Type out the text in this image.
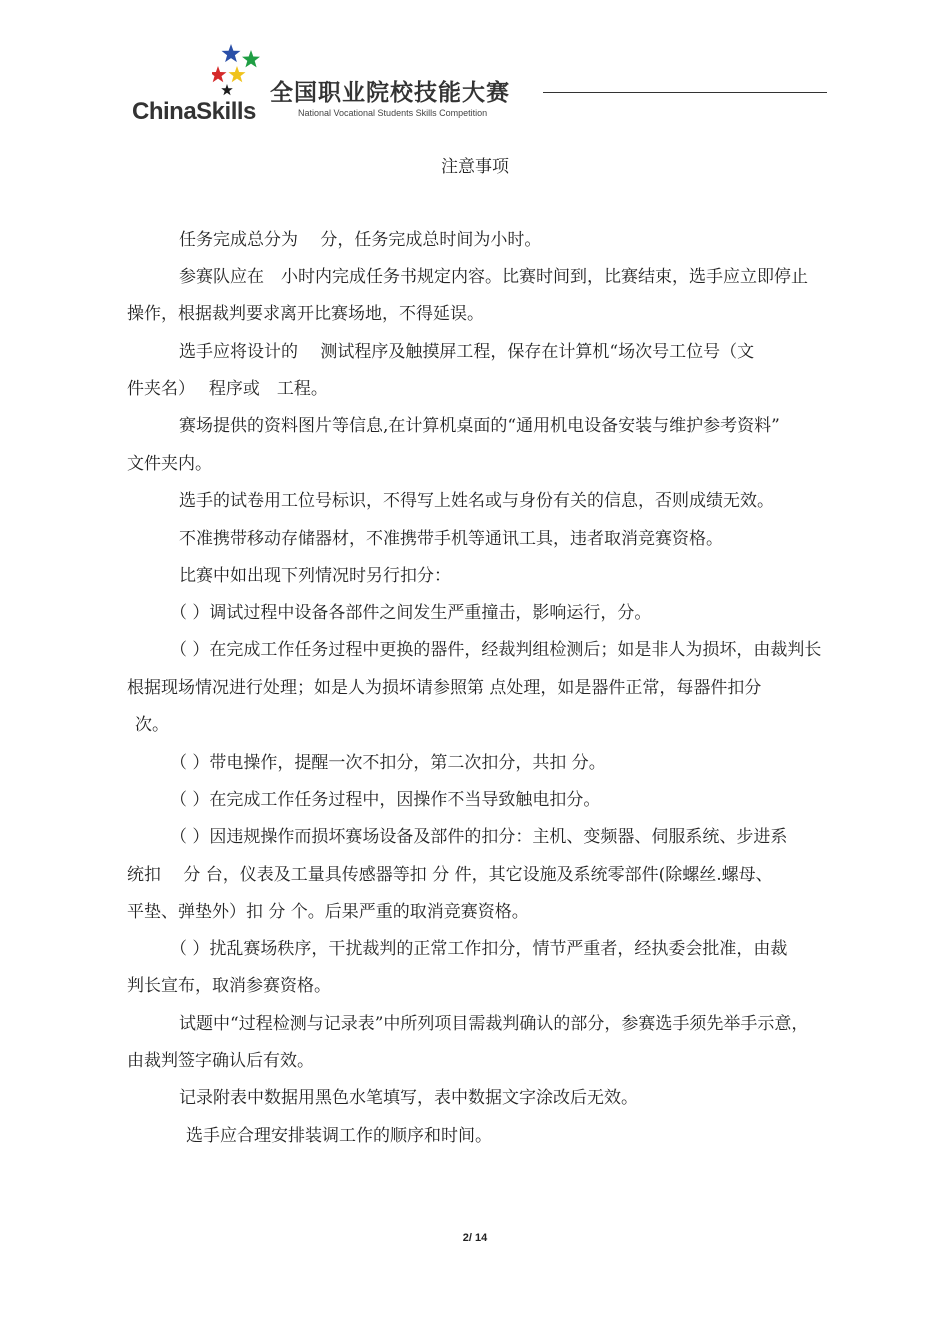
ChinaSkills
全国职业院校技能大赛
National Vocational Students Skills Competition
注意事项
任务完成总分为　 分，任务完成总时间为小时。
参赛队应在　小时内完成任务书规定内容。比赛时间到，比赛结束，选手应立即停止
操作，根据裁判要求离开比赛场地，不得延误。
选手应将设计的　 测试程序及触摸屏工程，保存在计算机“场次号工位号（文
件夹名）　 程序或　工程。
赛场提供的资料图片等信息,在计算机桌面的“通用机电设备安装与维护参考资料”
文件夹内。
选手的试卷用工位号标识，不得写上姓名或与身份有关的信息，否则成绩无效。
不准携带移动存储器材，不准携带手机等通讯工具，违者取消竞赛资格。
比赛中如出现下列情况时另行扣分：
（ ）调试过程中设备各部件之间发生严重撞击，影响运行，分。
（ ）在完成工作任务过程中更换的器件，经裁判组检测后；如是非人为损坏，由裁判长
根据现场情况进行处理；如是人为损坏请参照第 点处理，如是器件正常，每器件扣分
次。
（ ）带电操作，提醒一次不扣分，第二次扣分，共扣 分。
（ ）在完成工作任务过程中，因操作不当导致触电扣分。
（ ）因违规操作而损坏赛场设备及部件的扣分：主机、变频器、伺服系统、步进系
统扣　 分 台，仪表及工量具传感器等扣 分 件，其它设施及系统零部件(除螺丝.螺母、
平垫、弹垫外）扣 分 个。后果严重的取消竞赛资格。
（ ）扰乱赛场秩序，干扰裁判的正常工作扣分，情节严重者，经执委会批准，由裁
判长宣布，取消参赛资格。
试题中“过程检测与记录表”中所列项目需裁判确认的部分，参赛选手须先举手示意，
由裁判签字确认后有效。
记录附表中数据用黑色水笔填写，表中数据文字涂改后无效。
选手应合理安排装调工作的顺序和时间。
2/ 14
